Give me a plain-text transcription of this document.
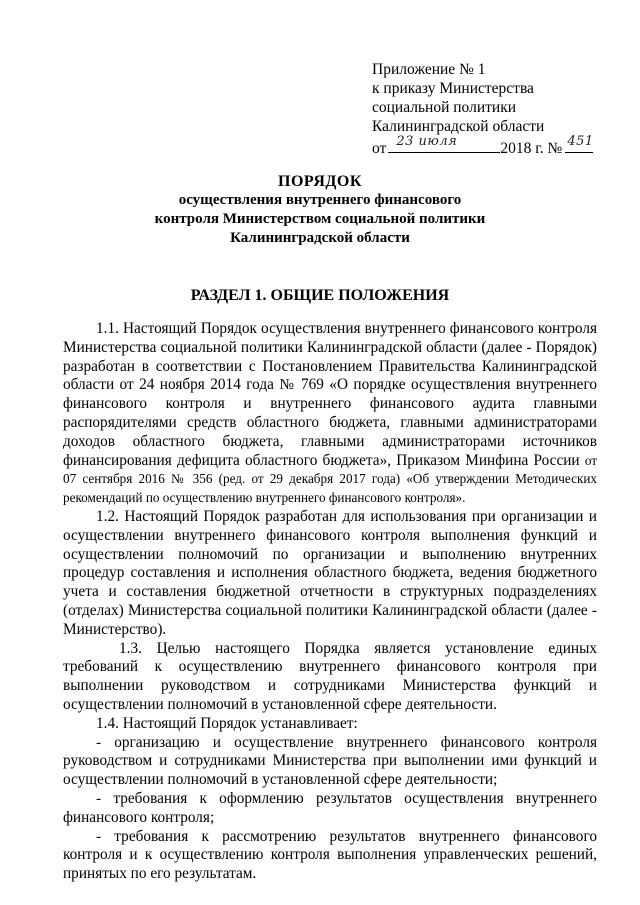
Приложение № 1
к приказу Министерства
социальной политики
Калининградской области
от 23 июля	2018 г. № 451
ПОРЯДОК
осуществления внутреннего финансового
контроля Министерством социальной политики
Калининградской области
РАЗДЕЛ 1. ОБЩИЕ ПОЛОЖЕНИЯ

1.1. Настоящий Порядок осуществления внутреннего финансового контроля Министерства социальной политики Калининградской области (далее - Порядок) разработан в соответствии с Постановлением Правительства Калининградской области от 24 ноября 2014 года № 769 «О порядке осуществления внутреннего финансового контроля и внутреннего финансового аудита главными распорядителями средств областного бюджета, главными администраторами доходов областного бюджета, главными администраторами источников финансирования дефицита областного бюджета», Приказом Минфина России от 07 сентября 2016 № 356 (ред. от 29 декабря 2017 года) «Об утверждении Методических рекомендаций по осуществлению внутреннего финансового контроля».

1.2. Настоящий Порядок разработан для использования при организации и осуществлении внутреннего финансового контроля выполнения функций и осуществлении полномочий по организации и выполнению внутренних процедур составления и исполнения областного бюджета, ведения бюджетного учета и составления бюджетной отчетности в структурных подразделениях (отделах) Министерства социальной политики Калининградской области (далее - Министерство).

1.3. Целью настоящего Порядка является установление единых требований к осуществлению внутреннего финансового контроля при выполнении руководством и сотрудниками Министерства функций и осуществлении полномочий в установленной сфере деятельности.

1.4. Настоящий Порядок устанавливает:

- организацию и осуществление внутреннего финансового контроля руководством и сотрудниками Министерства при выполнении ими функций и осуществлении полномочий в установленной сфере деятельности;

- требования к оформлению результатов осуществления внутреннего финансового контроля;

- требования к рассмотрению результатов внутреннего финансового контроля и к осуществлению контроля выполнения управленческих решений, принятых по его результатам.
